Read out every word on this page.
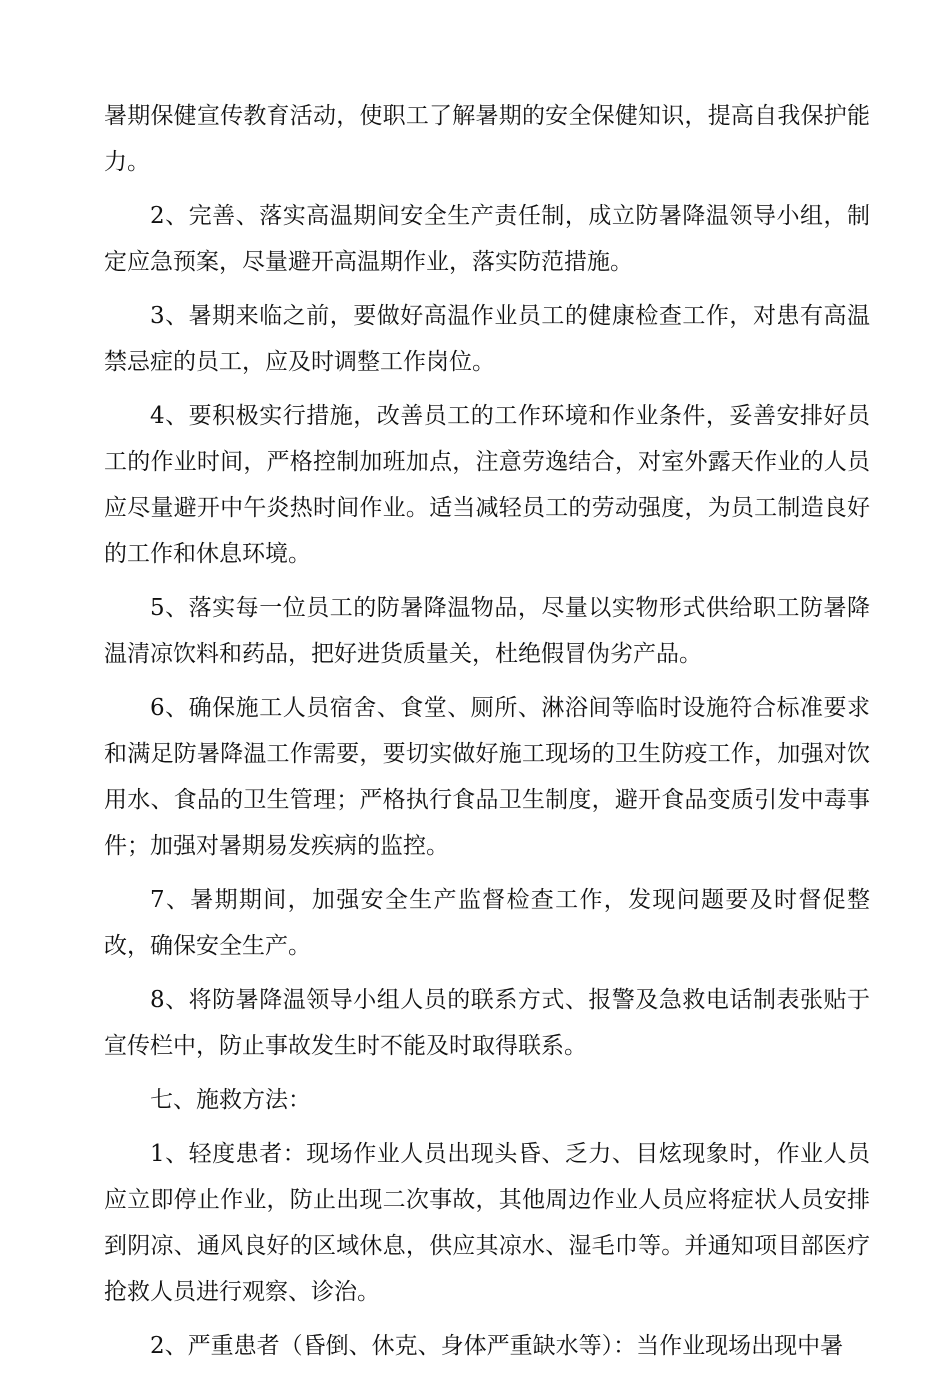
暑期保健宣传教育活动，使职工了解暑期的安全保健知识，提高自我保护能力。

2、完善、落实高温期间安全生产责任制，成立防暑降温领导小组，制定应急预案，尽量避开高温期作业，落实防范措施。

3、暑期来临之前，要做好高温作业员工的健康检查工作，对患有高温禁忌症的员工，应及时调整工作岗位。

4、要积极实行措施，改善员工的工作环境和作业条件，妥善安排好员工的作业时间，严格控制加班加点，注意劳逸结合，对室外露天作业的人员应尽量避开中午炎热时间作业。适当减轻员工的劳动强度，为员工制造良好的工作和休息环境。

5、落实每一位员工的防暑降温物品，尽量以实物形式供给职工防暑降温清凉饮料和药品，把好进货质量关，杜绝假冒伪劣产品。

6、确保施工人员宿舍、食堂、厕所、淋浴间等临时设施符合标准要求和满足防暑降温工作需要，要切实做好施工现场的卫生防疫工作，加强对饮用水、食品的卫生管理；严格执行食品卫生制度，避开食品变质引发中毒事件；加强对暑期易发疾病的监控。

7、暑期期间，加强安全生产监督检查工作，发现问题要及时督促整改，确保安全生产。

8、将防暑降温领导小组人员的联系方式、报警及急救电话制表张贴于宣传栏中，防止事故发生时不能及时取得联系。

七、施救方法：

1、轻度患者：现场作业人员出现头昏、乏力、目炫现象时，作业人员应立即停止作业，防止出现二次事故，其他周边作业人员应将症状人员安排到阴凉、通风良好的区域休息，供应其凉水、湿毛巾等。并通知项目部医疗抢救人员进行观察、诊治。

2、严重患者（昏倒、休克、身体严重缺水等）：当作业现场出现中暑
